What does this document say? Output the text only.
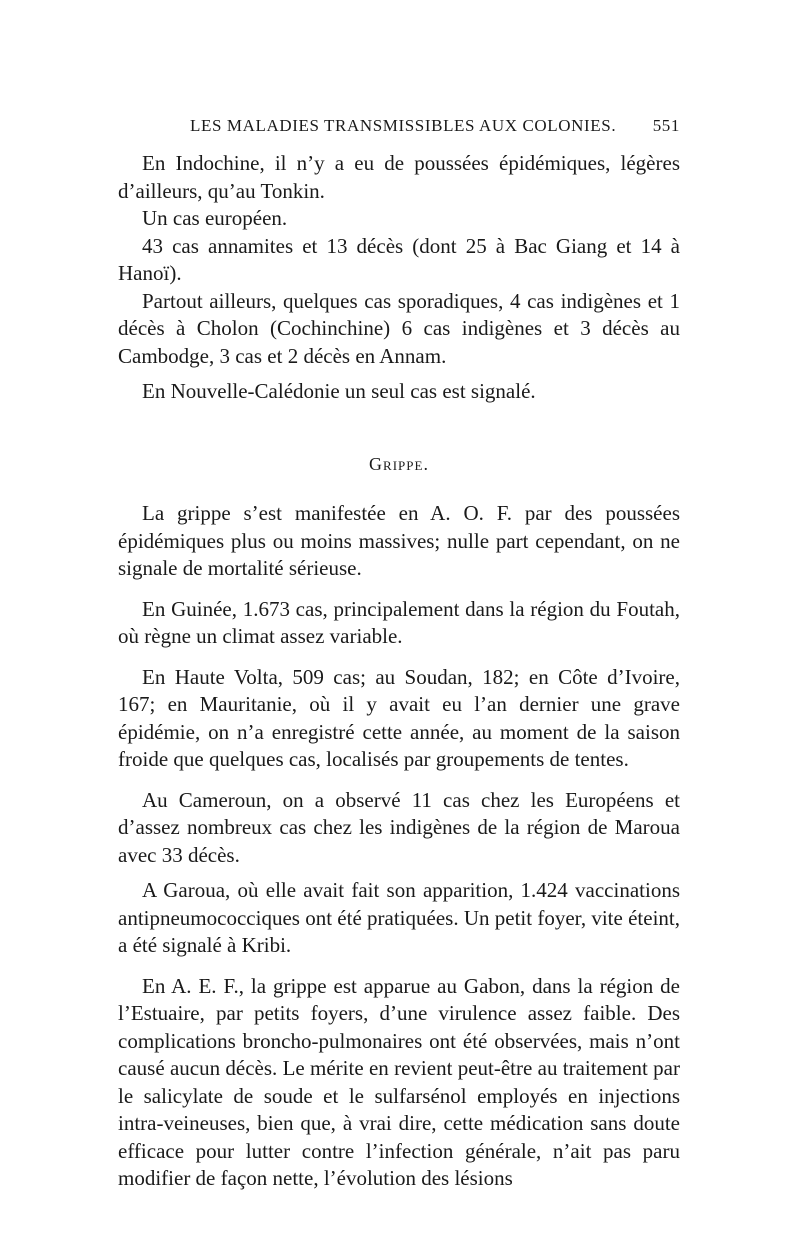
LES MALADIES TRANSMISSIBLES AUX COLONIES. 551

En Indochine, il n’y a eu de poussées épidémiques, légères d’ailleurs, qu’au Tonkin.

Un cas européen.

43 cas annamites et 13 décès (dont 25 à Bac Giang et 14 à Hanoï).

Partout ailleurs, quelques cas sporadiques, 4 cas indigènes et 1 décès à Cholon (Cochinchine) 6 cas indigènes et 3 décès au Cambodge, 3 cas et 2 décès en Annam.

En Nouvelle-Calédonie un seul cas est signalé.

Grippe.

La grippe s’est manifestée en A. O. F. par des poussées épidémiques plus ou moins massives; nulle part cependant, on ne signale de mortalité sérieuse.

En Guinée, 1.673 cas, principalement dans la région du Foutah, où règne un climat assez variable.

En Haute Volta, 509 cas; au Soudan, 182; en Côte d’Ivoire, 167; en Mauritanie, où il y avait eu l’an dernier une grave épidémie, on n’a enregistré cette année, au moment de la saison froide que quelques cas, localisés par groupements de tentes.

Au Cameroun, on a observé 11 cas chez les Européens et d’assez nombreux cas chez les indigènes de la région de Maroua avec 33 décès.

A Garoua, où elle avait fait son apparition, 1.424 vaccinations antipneumococciques ont été pratiquées. Un petit foyer, vite éteint, a été signalé à Kribi.

En A. E. F., la grippe est apparue au Gabon, dans la région de l’Estuaire, par petits foyers, d’une virulence assez faible. Des complications broncho-pulmonaires ont été observées, mais n’ont causé aucun décès. Le mérite en revient peut-être au traitement par le salicylate de soude et le sulfarsénol employés en injections intra-veineuses, bien que, à vrai dire, cette médication sans doute efficace pour lutter contre l’infection générale, n’ait pas paru modifier de façon nette, l’évolution des lésions
